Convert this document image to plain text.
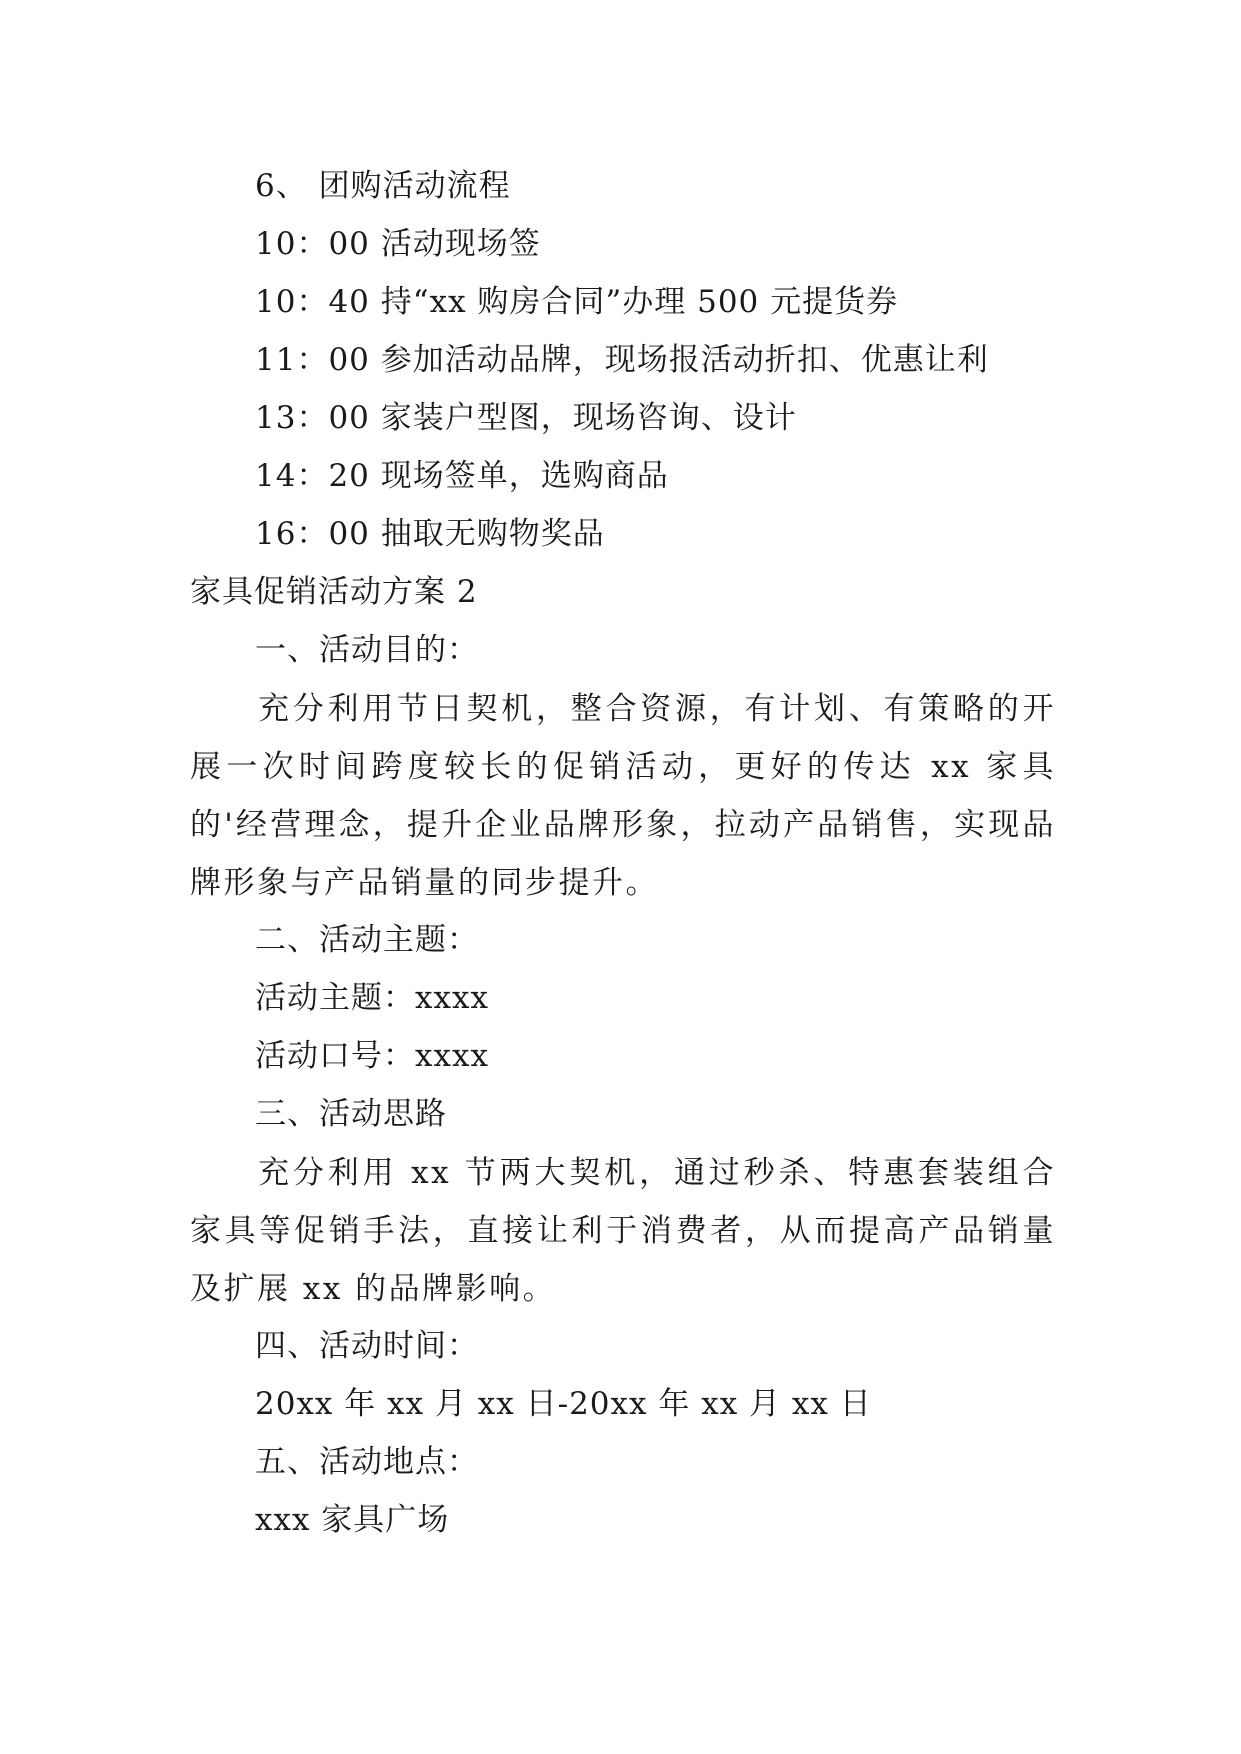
6、 团购活动流程
10：00 活动现场签
10：40 持“xx 购房合同”办理 500 元提货券
11：00 参加活动品牌，现场报活动折扣、优惠让利
13：00 家装户型图，现场咨询、设计
14：20 现场签单，选购商品
16：00 抽取无购物奖品
家具促销活动方案 2
一、活动目的：
充分利用节日契机，整合资源，有计划、有策略的开展一次时间跨度较长的促销活动，更好的传达 xx 家具的'经营理念，提升企业品牌形象，拉动产品销售，实现品牌形象与产品销量的同步提升。
二、活动主题：
活动主题：xxxx
活动口号：xxxx
三、活动思路
充分利用 xx 节两大契机，通过秒杀、特惠套装组合家具等促销手法，直接让利于消费者，从而提高产品销量及扩展 xx 的品牌影响。
四、活动时间：
20xx 年 xx 月 xx 日-20xx 年 xx 月 xx 日
五、活动地点：
xxx 家具广场
